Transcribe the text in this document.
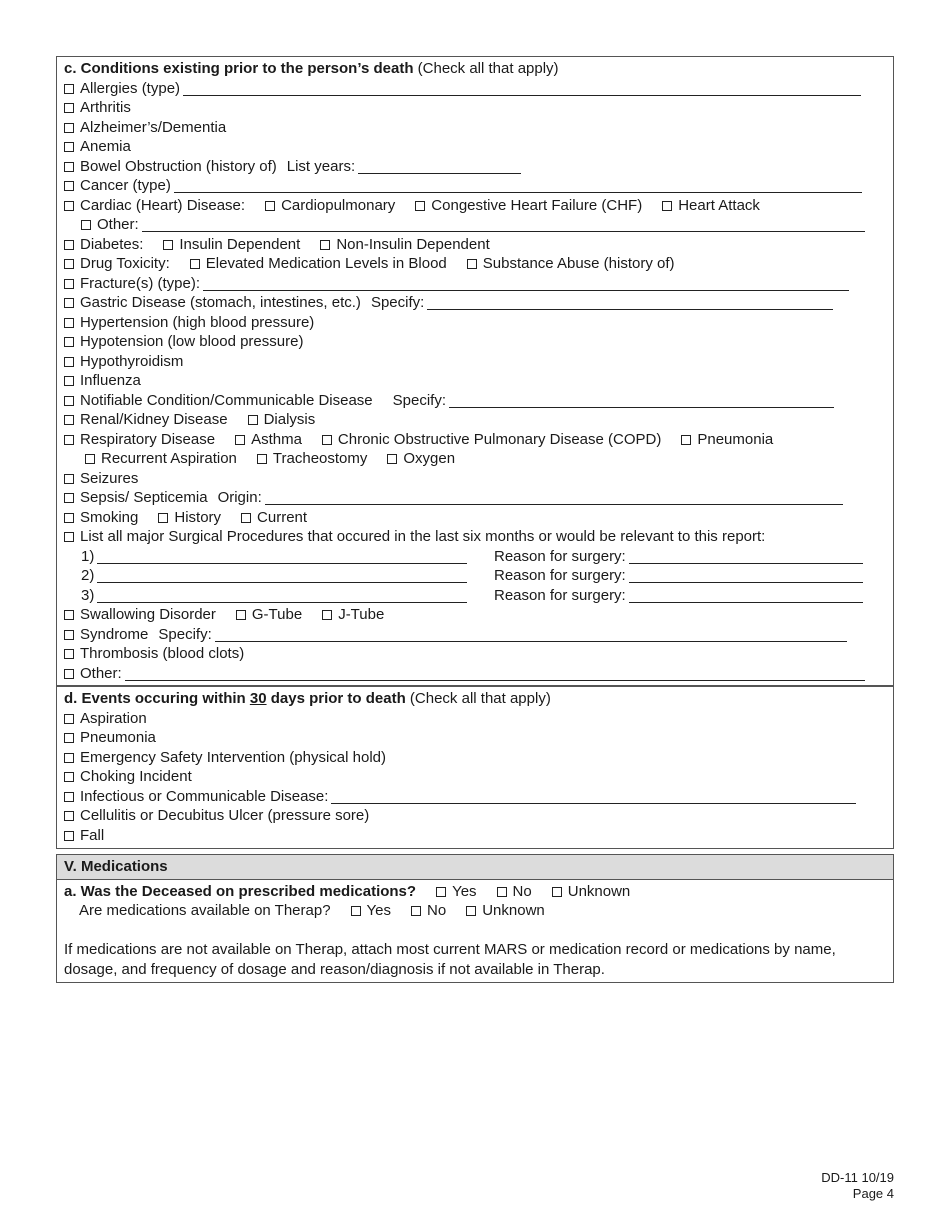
c. Conditions existing prior to the person’s death (Check all that apply)
Allergies (type)
Arthritis
Alzheimer’s/Dementia
Anemia
Bowel Obstruction (history of) List years:
Cancer (type)
Cardiac (Heart) Disease: Cardiopulmonary Congestive Heart Failure (CHF) Heart Attack
Other:
Diabetes: Insulin Dependent Non-Insulin Dependent
Drug Toxicity: Elevated Medication Levels in Blood Substance Abuse (history of)
Fracture(s) (type):
Gastric Disease (stomach, intestines, etc.) Specify:
Hypertension (high blood pressure)
Hypotension (low blood pressure)
Hypothyroidism
Influenza
Notifiable Condition/Communicable Disease Specify:
Renal/Kidney Disease Dialysis
Respiratory Disease Asthma Chronic Obstructive Pulmonary Disease (COPD) Pneumonia
Recurrent Aspiration Tracheostomy Oxygen
Seizures
Sepsis/ Septicemia Origin:
Smoking History Current
List all major Surgical Procedures that occured in the last six months or would be relevant to this report:
1)	Reason for surgery:
2)	Reason for surgery:
3)	Reason for surgery:
Swallowing Disorder G-Tube J-Tube
Syndrome Specify:
Thrombosis (blood clots)
Other:
d. Events occuring within 30 days prior to death (Check all that apply)
Aspiration
Pneumonia
Emergency Safety Intervention (physical hold)
Choking Incident
Infectious or Communicable Disease:
Cellulitis or Decubitus Ulcer (pressure sore)
Fall
V. Medications
a. Was the Deceased on prescribed medications? Yes No Unknown
Are medications available on Therap? Yes No Unknown
If medications are not available on Therap, attach most current MARS or medication record or medications by name, dosage, and frequency of dosage and reason/diagnosis if not available in Therap.
DD-11 10/19
Page 4
